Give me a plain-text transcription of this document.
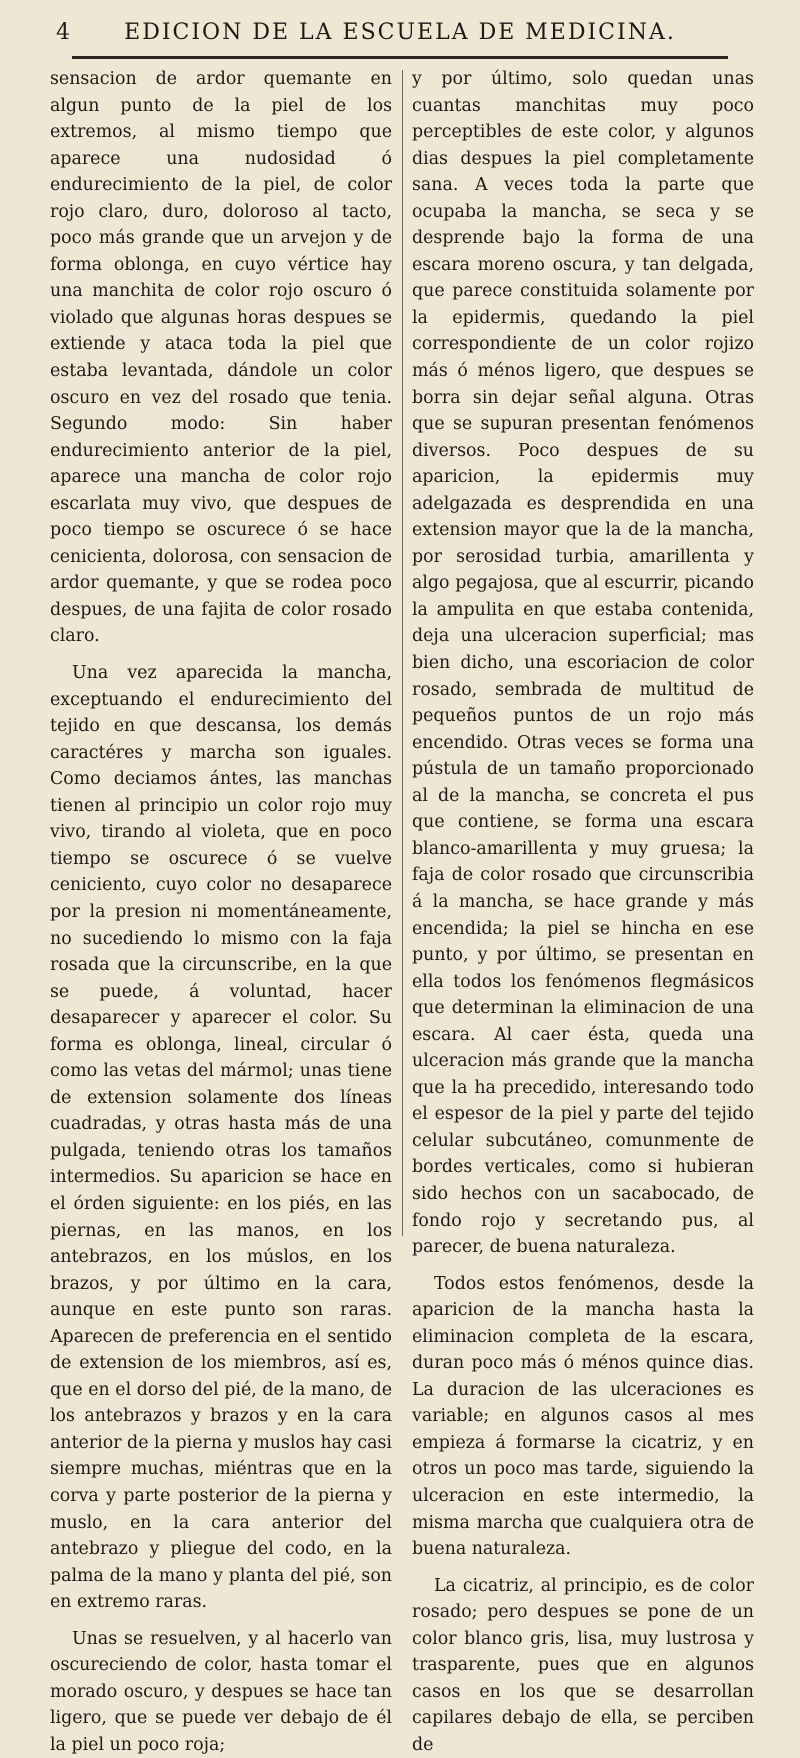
4	EDICION DE LA ESCUELA DE MEDICINA.

sensacion de ardor quemante en algun punto de la piel de los extremos, al mismo tiempo que aparece una nudosidad ó endurecimiento de la piel, de color rojo claro, duro, doloroso al tacto, poco más grande que un arvejon y de forma oblonga, en cuyo vértice hay una manchita de color rojo oscuro ó violado que algunas horas despues se extiende y ataca toda la piel que estaba levantada, dándole un color oscuro en vez del rosado que tenia. Segundo modo: Sin haber endurecimiento anterior de la piel, aparece una mancha de color rojo escarlata muy vivo, que despues de poco tiempo se oscurece ó se hace cenicienta, dolorosa, con sensacion de ardor quemante, y que se rodea poco despues, de una fajita de color rosado claro.

Una vez aparecida la mancha, exceptuando el endurecimiento del tejido en que descansa, los demás caractéres y marcha son iguales. Como deciamos ántes, las manchas tienen al principio un color rojo muy vivo, tirando al violeta, que en poco tiempo se oscurece ó se vuelve ceniciento, cuyo color no desaparece por la presion ni momentáneamente, no sucediendo lo mismo con la faja rosada que la circunscribe, en la que se puede, á voluntad, hacer desaparecer y aparecer el color. Su forma es oblonga, lineal, circular ó como las vetas del mármol; unas tiene de extension solamente dos líneas cuadradas, y otras hasta más de una pulgada, teniendo otras los tamaños intermedios. Su aparicion se hace en el órden siguiente: en los piés, en las piernas, en las manos, en los antebrazos, en los múslos, en los brazos, y por último en la cara, aunque en este punto son raras. Aparecen de preferencia en el sentido de extension de los miembros, así es, que en el dorso del pié, de la mano, de los antebrazos y brazos y en la cara anterior de la pierna y muslos hay casi siempre muchas, miéntras que en la corva y parte posterior de la pierna y muslo, en la cara anterior del antebrazo y pliegue del codo, en la palma de la mano y planta del pié, son en extremo raras.

Unas se resuelven, y al hacerlo van oscureciendo de color, hasta tomar el morado oscuro, y despues se hace tan ligero, que se puede ver debajo de él la piel un poco roja;

y por último, solo quedan unas cuantas manchitas muy poco perceptibles de este color, y algunos dias despues la piel completamente sana. A veces toda la parte que ocupaba la mancha, se seca y se desprende bajo la forma de una escara moreno oscura, y tan delgada, que parece constituida solamente por la epidermis, quedando la piel correspondiente de un color rojizo más ó ménos ligero, que despues se borra sin dejar señal alguna. Otras que se supuran presentan fenómenos diversos. Poco despues de su aparicion, la epidermis muy adelgazada es desprendida en una extension mayor que la de la mancha, por serosidad turbia, amarillenta y algo pegajosa, que al escurrir, picando la ampulita en que estaba contenida, deja una ulceracion superficial; mas bien dicho, una escoriacion de color rosado, sembrada de multitud de pequeños puntos de un rojo más encendido. Otras veces se forma una pústula de un tamaño proporcionado al de la mancha, se concreta el pus que contiene, se forma una escara blanco-amarillenta y muy gruesa; la faja de color rosado que circunscribia á la mancha, se hace grande y más encendida; la piel se hincha en ese punto, y por último, se presentan en ella todos los fenómenos flegmásicos que determinan la eliminacion de una escara. Al caer ésta, queda una ulceracion más grande que la mancha que la ha precedido, interesando todo el espesor de la piel y parte del tejido celular subcutáneo, comunmente de bordes verticales, como si hubieran sido hechos con un sacabocado, de fondo rojo y secretando pus, al parecer, de buena naturaleza.

Todos estos fenómenos, desde la aparicion de la mancha hasta la eliminacion completa de la escara, duran poco más ó ménos quince dias. La duracion de las ulceraciones es variable; en algunos casos al mes empieza á formarse la cicatriz, y en otros un poco mas tarde, siguiendo la ulceracion en este intermedio, la misma marcha que cualquiera otra de buena naturaleza.

La cicatriz, al principio, es de color rosado; pero despues se pone de un color blanco gris, lisa, muy lustrosa y trasparente, pues que en algunos casos en los que se desarrollan capilares debajo de ella, se perciben de
